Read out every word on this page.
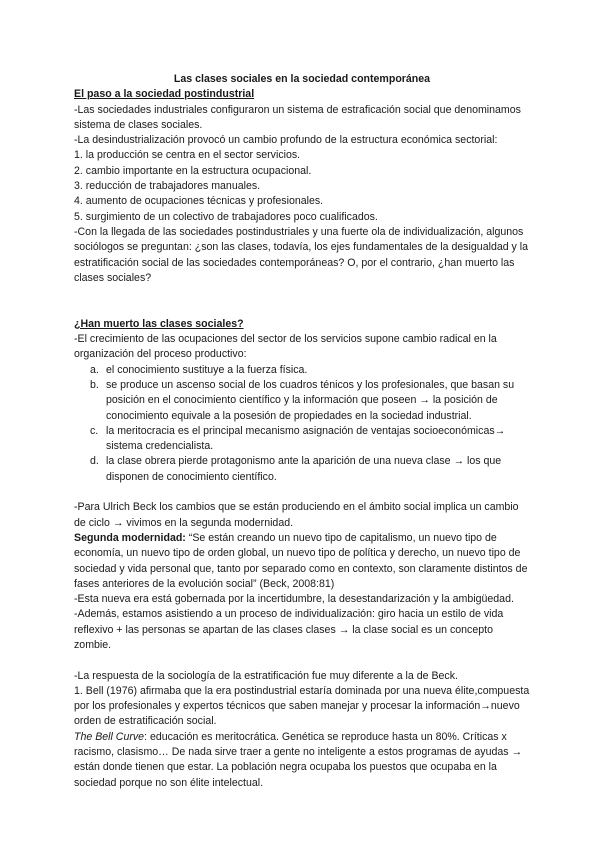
Las clases sociales en la sociedad contemporánea

El paso a la sociedad postindustrial

-Las sociedades industriales configuraron un sistema de estraficación social que denominamos sistema de clases sociales.

-La desindustrialización provocó un cambio profundo de la estructura económica sectorial:

1. la producción se centra en el sector servicios.

2. cambio importante en la estructura ocupacional.

3. reducción de trabajadores manuales.

4. aumento de ocupaciones técnicas y profesionales.

5. surgimiento de un colectivo de trabajadores poco cualificados.

-Con la llegada de las sociedades postindustriales y una fuerte ola de individualización, algunos sociólogos se preguntan: ¿son las clases, todavía, los ejes fundamentales de la desigualdad y la estratificación social de las sociedades contemporáneas? O, por el contrario, ¿han muerto las clases sociales?

¿Han muerto las clases sociales?

-El crecimiento de las ocupaciones del sector de los servicios supone cambio radical en la organización del proceso productivo:

a. el conocimiento sustituye a la fuerza física.
b. se produce un ascenso social de los cuadros ténicos y los profesionales, que basan su posición en el conocimiento científico y la información que poseen → la posición de conocimiento equivale a la posesión de propiedades en la sociedad industrial.
c. la meritocracia es el principal mecanismo asignación de ventajas socioeconómicas→ sistema credencialista.
d. la clase obrera pierde protagonismo ante la aparición de una nueva clase → los que disponen de conocimiento científico.

-Para Ulrich Beck los cambios que se están produciendo en el ámbito social implica un cambio de ciclo → vivimos en la segunda modernidad.

Segunda modernidad: “Se están creando un nuevo tipo de capitalismo, un nuevo tipo de economía, un nuevo tipo de orden global, un nuevo tipo de política y derecho, un nuevo tipo de sociedad y vida personal que, tanto por separado como en contexto, son claramente distintos de fases anteriores de la evolución social” (Beck, 2008:81)

-Esta nueva era está gobernada por la incertidumbre, la desestandarización y la ambigüedad.

-Además, estamos asistiendo a un proceso de individualización: giro hacia un estilo de vida reflexivo + las personas se apartan de las clases clases → la clase social es un concepto zombie.

-La respuesta de la sociología de la estratificación fue muy diferente a la de Beck.

1. Bell (1976) afirmaba que la era postindustrial estaría dominada por una nueva élite,compuesta por los profesionales y expertos técnicos que saben manejar y procesar la información→nuevo orden de estratificación social.

The Bell Curve: educación es meritocrática. Genética se reproduce hasta un 80%. Críticas x racismo, clasismo… De nada sirve traer a gente no inteligente a estos programas de ayudas → están donde tienen que estar. La población negra ocupaba los puestos que ocupaba en la sociedad porque no son élite intelectual.
